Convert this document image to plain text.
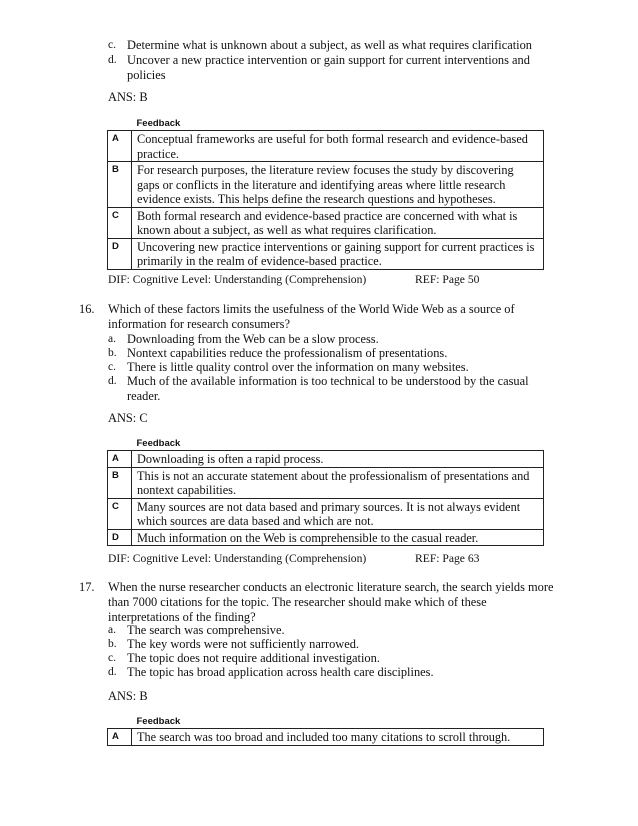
c. Determine what is unknown about a subject, as well as what requires clarification
d. Uncover a new practice intervention or gain support for current interventions and policies
ANS: B
	Feedback
A	Conceptual frameworks are useful for both formal research and evidence-based practice.
B	For research purposes, the literature review focuses the study by discovering gaps or conflicts in the literature and identifying areas where little research evidence exists. This helps define the research questions and hypotheses.
C	Both formal research and evidence-based practice are concerned with what is known about a subject, as well as what requires clarification.
D	Uncovering new practice interventions or gaining support for current practices is primarily in the realm of evidence-based practice.
DIF: Cognitive Level: Understanding (Comprehension)	REF: Page 50
16. Which of these factors limits the usefulness of the World Wide Web as a source of information for research consumers?
a. Downloading from the Web can be a slow process.
b. Nontext capabilities reduce the professionalism of presentations.
c. There is little quality control over the information on many websites.
d. Much of the available information is too technical to be understood by the casual reader.
ANS: C
	Feedback
A	Downloading is often a rapid process.
B	This is not an accurate statement about the professionalism of presentations and nontext capabilities.
C	Many sources are not data based and primary sources. It is not always evident which sources are data based and which are not.
D	Much information on the Web is comprehensible to the casual reader.
DIF: Cognitive Level: Understanding (Comprehension)	REF: Page 63
17. When the nurse researcher conducts an electronic literature search, the search yields more than 7000 citations for the topic. The researcher should make which of these interpretations of the finding?
a. The search was comprehensive.
b. The key words were not sufficiently narrowed.
c. The topic does not require additional investigation.
d. The topic has broad application across health care disciplines.
ANS: B
	Feedback
A	The search was too broad and included too many citations to scroll through.
